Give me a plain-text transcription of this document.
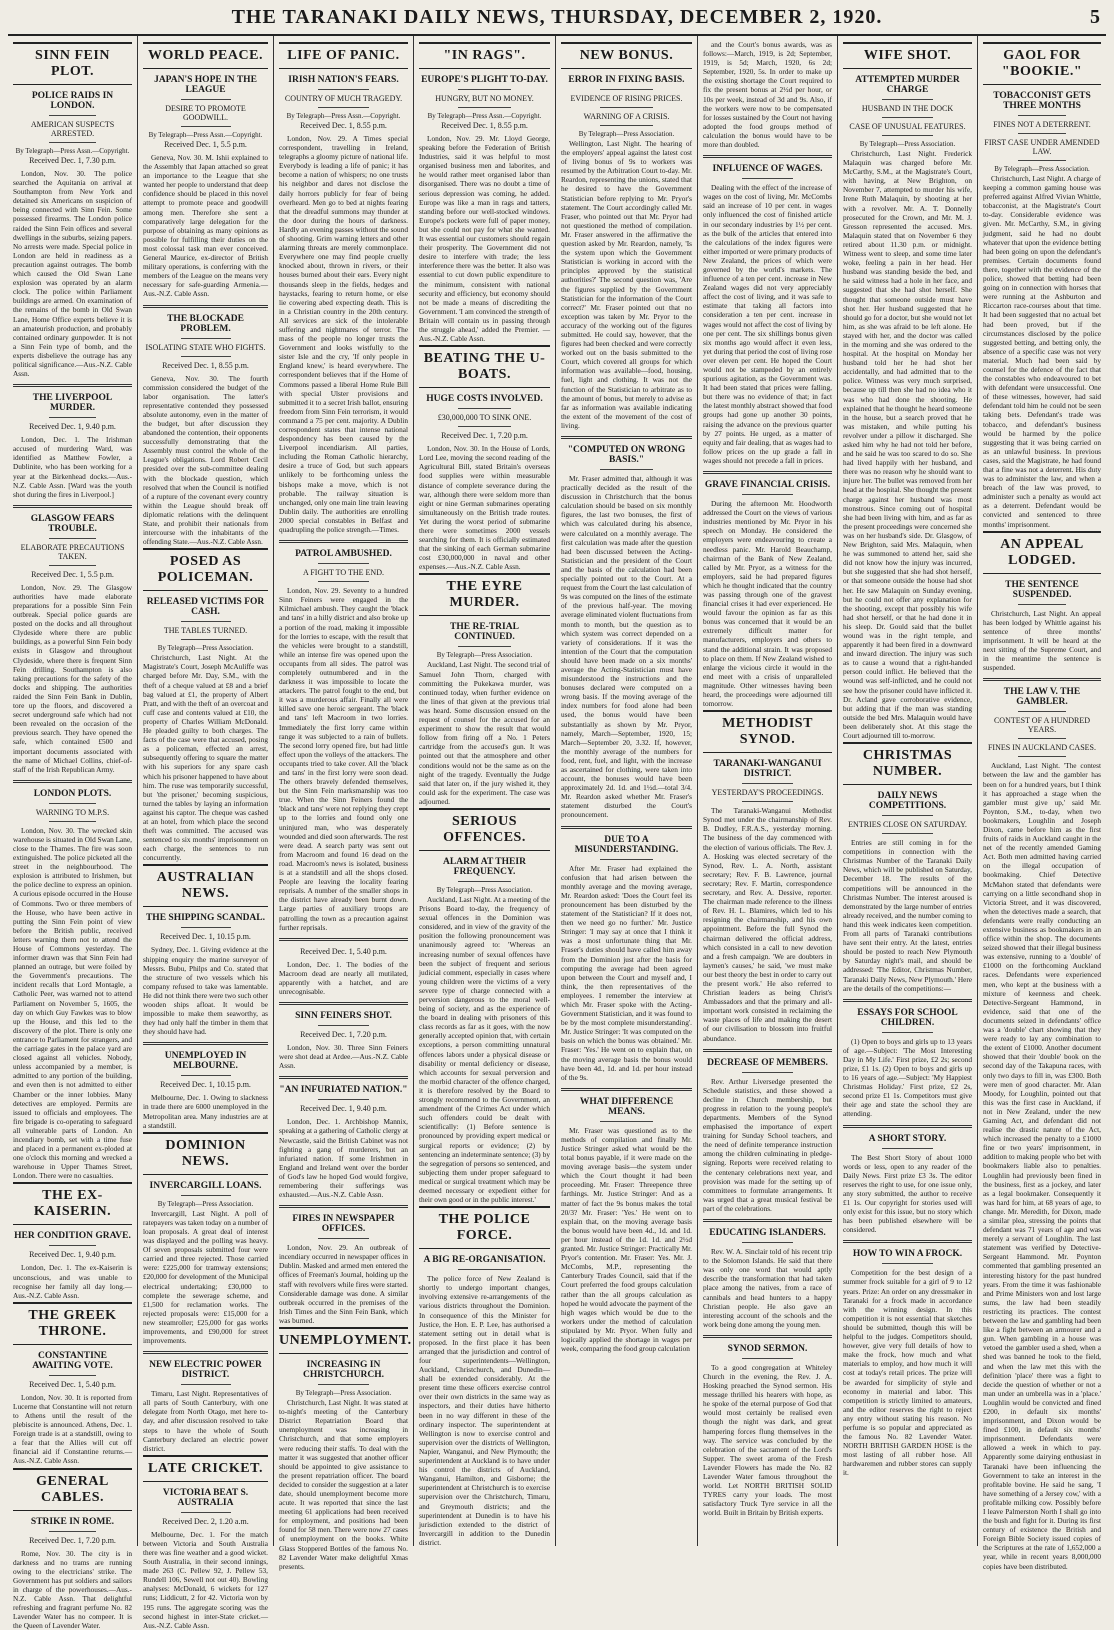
THE TARANAKI DAILY NEWS, THURSDAY, DECEMBER 2, 1920.	5
SINN FEIN PLOT.
POLICE RAIDS IN LONDON.
AMERICAN SUSPECTS ARRESTED.
By Telegraph—Press Assn.—Copyright.
Received Dec. 1, 7.30 p.m.

London, Nov. 30. The police searched the Aquitania on arrival at Southampton from New York and detained six Americans on suspicion of being connected with Sinn Fein. Some possessed firearms. The London police raided the Sinn Fein offices and several dwellings in the suburbs, seizing papers. No arrests were made. Special police in London are held in readiness as a precaution against outrages. The bomb which caused the Old Swan Lane explosion was operated by an alarm clock. The police within Parliament buildings are armed. On examination of the remains of the bomb in Old Swan Lane, Home Office experts believe it is an amateurish production, and probably contained ordinary gunpowder. It is not a Sinn Fein type of bomb, and the experts disbelieve the outrage has any political significance.—Aus.-N.Z. Cable Assn.

THE LIVERPOOL MURDER.
Received Dec. 1, 9.40 p.m.

London, Dec. 1. The Irishman accused of murdering Ward, was identified as Matthew Fowler, a Dublinite, who has been working for a year at the Birkenhead docks.—Aus.-N.Z. Cable Assn. [Ward was the youth shot during the fires in Liverpool.]

GLASGOW FEARS TROUBLE.
ELABORATE PRECAUTIONS TAKEN.
Received Dec. 1, 5.5 p.m.

London, Nov. 29. The Glasgow authorities have made elaborate preparations for a possible Sinn Fein outbreak. Special police guards are posted on the docks and all throughout Clydeside where there are public buildings, as a powerful Sinn Fein body exists in Glasgow and throughout Clydeside, where there is frequent Sinn Fein drilling. Southampton is also taking precautions for the safety of the docks and shipping. The authorities raided the Sinn Fein Bank in Dublin, tore up the floors, and discovered a secret underground safe which had not been revealed on the occasion of the previous search. They have opened the safe, which contained £500 and important documents associated with the name of Michael Collins, chief-of-staff of the Irish Republican Army.

LONDON PLOTS.
WARNING TO M.P.S.

London, Nov. 30. The wrecked skin warehouse is situated in Old Swan Lane, close to the Thames. The fire was soon extinguished. The police picketed all the street in the neighbourhood. The explosion is attributed to Irishmen, but the police decline to express an opinion. A curious episode occurred in the House of Commons. Two or three members of the House, who have been active in putting the Sinn Fein point of view before the British public, received letters warning them not to attend the House of Commons yesterday. The informer drawn was that Sinn Fein had planned an outrage, but were foiled by the Government's precautions. The incident recalls that Lord Montagle, a Catholic Peer, was warned not to attend Parliament on November 5, 1605, the day on which Guy Fawkes was to blow up the House, and this led to the discovery of the plot. There is only one entrance to Parliament for strangers, and the carriage gates in the palace yard are closed against all vehicles. Nobody, unless accompanied by a member, is admitted to any portion of the building, and even then is not admitted to either Chamber or the inner lobbies. Many detectives are employed. Permits are issued to officials and employees. The fire brigade is co-operating to safeguard all vulnerable parts of London. An incendiary bomb, set with a time fuse and placed in a permanent ex-ploded at one o'clock this morning and wrecked a warehouse in Upper Thames Street, London. There were no casualties.

THE EX-KAISERIN.
HER CONDITION GRAVE.
Received Dec. 1, 9.40 p.m.

London, Dec. 1. The ex-Kaiserin is unconscious, and was unable to recognise her family all day long.—Aus.-N.Z. Cable Assn.

THE GREEK THRONE.
CONSTANTINE AWAITING VOTE.
Received Dec. 1, 5.40 p.m.

London, Nov. 30. It is reported from Lucerne that Constantine will not return to Athens until the result of the plebiscite is announced. Athens, Dec. 1. Foreign trade is at a standstill, owing to a fear that the Allies will cut off financial aid if Constantine returns.—Aus.-N.Z. Cable Assn.

GENERAL CABLES.
STRIKE IN ROME.
Received Dec. 1, 7.20 p.m.

Rome, Nov. 30. The city is in darkness and no trams are running owing to the electricians' strike. The Government has put soldiers and sailors in charge of the powerhouses.—Aus.-N.Z. Cable Assn. That delightful refreshing and fragrant perfume No. 82 Lavender Water has no compeer. It is the Queen of Lavender Water.

WORLD PEACE.
JAPAN'S HOPE IN THE LEAGUE
DESIRE TO PROMOTE GOODWILL.
By Telegraph—Press Assn.—Copyright.
Received Dec. 1, 5.5 p.m.

Geneva, Nov. 30. M. Ishii explained to the Assembly that Japan attached so great an importance to the League that she wanted her people to understand that deep confidence should be placed in this novel attempt to promote peace and goodwill among men. Therefore she sent a comparatively large delegation for the purpose of obtaining as many opinions as possible for fulfilling their duties on the most colossal task man ever conceived. General Maurice, ex-director of British military operations, is conferring with the members of the League on the means very necessary for safe-guarding Armenia.—Aus.-N.Z. Cable Assn.

THE BLOCKADE PROBLEM.
ISOLATING STATE WHO FIGHTS.
Received Dec. 1, 8.55 p.m.

Geneva, Nov. 30. The fourth commission considered the budget of the labor organisation. The latter's representative contended they possessed absolute autonomy, even in the matter of the budget, but after discussion they abandoned the contention, their opponents successfully demonstrating that the Assembly must control the whole of the League's obligations. Lord Robert Cecil presided over the sub-committee dealing with the blockade question, which resolved that when the Council is notified of a rupture of the covenant every country within the League should break off diplomatic relations with the delinquent State, and prohibit their nationals from intercourse with the inhabitants of the offending State.—Aus.-N.Z. Cable Assn.

POSED AS POLICEMAN.
RELEASED VICTIMS FOR CASH.
THE TABLES TURNED.
By Telegraph—Press Association.

Christchurch, Last Night. At the Magistrate's Court, Joseph McAuliffe was charged before Mr. Day, S.M., with the theft of a cheque valued at £8 and a brief bag valued at £1, the property of Albert Pratt, and with the theft of an overcoat and cuff case and contents valued at £10, the property of Charles William McDonald. He pleaded guilty to both charges. The facts of the case were that accused, posing as a policeman, effected an arrest, subsequently offering to square the matter with his superiors for any spare cash which his prisoner happened to have about him. The ruse was temporarily successful, but 'the prisoner,' becoming suspicious, turned the tables by laying an information against his captor. The cheque was cashed at an hotel, from which place the second theft was committed. The accused was sentenced to six months' imprisonment on each charge, the sentences to run concurrently.

AUSTRALIAN NEWS.
THE SHIPPING SCANDAL.
Received Dec. 1, 10.15 p.m.

Sydney, Dec. 1. Giving evidence at the shipping enquiry the marine surveyor of Messrs. Bubu, Philps and Co. stated that the structure of two vessels which his company refused to take was lamentable. He did not think there were two such other wooden ships afloat. It would be impossible to make them seaworthy, as they had only half the timber in them that they should have had.

UNEMPLOYED IN MELBOURNE.
Received Dec. 1, 10.15 p.m.

Melbourne, Dec. 1. Owing to slackness in trade there are 6000 unemployed in the Metropolitan area. Many industries are at a standstill.

DOMINION NEWS.
INVERCARGILL LOANS.
By Telegraph—Press Association.

Invercargill, Last Night. A poll of ratepayers was taken today on a number of loan proposals. A great deal of interest was displayed and the polling was heavy. Of seven proposals submitted four were carried and three rejected. Those carried were: £225,000 for tramway extensions; £20,000 for development of the Municipal electrical undertaking; £30,000 to complete the sewerage scheme, and £1,500 for reclamation works. The rejected proposals were: £15,000 for a new steamroller; £25,000 for gas works improvements, and £90,000 for street improvements.

NEW ELECTRIC POWER DISTRICT.

Timaru, Last Night. Representatives of all parts of South Canterbury, with one delegate from North Otago, met here to-day, and after discussion resolved to take steps to have the whole of South Canterbury declared an electric power district.

LATE CRICKET.
VICTORIA BEAT S. AUSTRALIA
Received Dec. 2, 1.20 a.m.

Melbourne, Dec. 1. For the match between Victoria and South Australia there was fine weather and a good wicket. South Australia, in their second innings, made 263 (C. Pellew 92, J. Pellew 53, Rundell 106, Sewell not out 40). Bowling analyses: McDonald, 6 wickets for 127 runs; Liddicutt, 2 for 42. Victoria won by 195 runs. The aggregate scoring was the second highest in inter-State cricket.—Aus.-N.Z. Cable Assn.

LIFE OF PANIC.
IRISH NATION'S FEARS.
COUNTRY OF MUCH TRAGEDY.
By Telegraph—Press Assn.—Copyright.
Received Dec. 1, 8.55 p.m.

London, Nov. 29. A Times special correspondent, travelling in Ireland, telegraphs a gloomy picture of national life. Everybody is leading a life of panic; it has become a nation of whispers; no one trusts his neighbor and dares not disclose the daily horrors publicly for fear of being overheard. Men go to bed at nights fearing that the dreadful summons may thunder at the door during the hours of darkness. Hardly an evening passes without the sound of shooting. Grim warning letters and other alarming threats are merely commonplace. Everywhere one may find people cruelly knocked about, thrown in rivers, or their houses burned about their ears. Every night thousands sleep in the fields, hedges and haystacks, fearing to return home, or else lie cowering abed expecting death. This is in a Christian country in the 20th century. All services are sick of the intolerable suffering and nightmares of terror. The mass of the people no longer trusts the Government and looks wistfully to the sister Isle and the cry, 'If only people in England knew,' is heard everywhere. The correspondent believes that if the Home of Commons passed a liberal Home Rule Bill with special Ulster provisions and submitted it to a secret Irish ballot, ensuring freedom from Sinn Fein terrorism, it would command a 75 per cent. majority. A Dublin correspondent states that intense national despondency has been caused by the Liverpool incendiarism. All parties, including the Roman Catholic hierarchy, desire a truce of God, but such appears unlikely to be forthcoming unless the bishops make a move, which is not probable. The railway situation is unchanged, only one main line train leaving Dublin daily. The authorities are enrolling 2000 special constables in Belfast and quadrupling the police strength.—Times.

PATROL AMBUSHED.
A FIGHT TO THE END.

London, Nov. 29. Seventy to a hundred Sinn Feiners were engaged in the Kilmichael ambush. They caught the 'black and tans' in a hilly district and also broke up a portion of the road, making it impossible for the lorries to escape, with the result that the vehicles were brought to a standstill, while an intense fire was opened upon the occupants from all sides. The patrol was completely outnumbered and in the darkness it was impossible to locate the attackers. The patrol fought to the end, but it was a murderous affair. Finally all were killed save one heroic sergeant. The 'black and tans' left Macroom in two lorries. Immediately the first lorry came within range it was subjected to a rain of bullets. The second lorry opened fire, but had little effect upon the volleys of the attackers. The occupants tried to take cover. All the 'black and tans' in the first lorry were soon dead. The others bravely defended themselves, but the Sinn Fein marksmanship was too true. When the Sinn Feiners found the 'black and tans' were not replying they crept up to the lorries and found only one uninjured man, who was desperately wounded and died soon afterwards. The rest were dead. A search party was sent out from Macroom and found 16 dead on the road. Macroom's news is isolated, business is at a standstill and all the shops closed. People are leaving the locality fearing reprisals. A number of the smaller shops in the district have already been burnt down. Large parties of auxiliary troops are patrolling the town as a precaution against further reprisals.

Received Dec. 1, 5.40 p.m.

London, Dec. 1. The bodies of the Macroom dead are nearly all mutilated, apparently with a hatchet, and are unrecognisable.

SINN FEINERS SHOT.
Received Dec. 1, 7.20 p.m.

London, Nov. 30. Three Sinn Feiners were shot dead at Ardee.—Aus.-N.Z. Cable Assn.

"AN INFURIATED NATION."
Received Dec. 1, 9.40 p.m.

London, Dec. 1. Archbishop Mannix, speaking at a gathering of Catholic clergy at Newcastle, said the British Cabinet was not fighting a gang of murderers, but an infuriated nation. If some Irishmen in England and Ireland went over the border of God's law he hoped God would forgive, remembering their sufferings was exhausted.—Aus.-N.Z. Cable Assn.

FIRES IN NEWSPAPER OFFICES.

London, Nov. 29. An outbreak of incendiary occurred in newspaper offices in Dublin. Masked and armed men entered the offices of Freeman's Journal, holding up the staff with revolvers while fires were started. Considerable damage was done. A similar outbreak occurred in the premises of the Irish Times and the Sinn Fein Bank, which was burned.

UNEMPLOYMENT.
INCREASING IN CHRISTCHURCH.
By Telegraph—Press Association.

Christchurch, Last Night. It was stated at to-night's meeting of the Canterbury District Repatriation Board that unemployment was increasing in Christchurch, and that some employers were reducing their staffs. To deal with the matter it was suggested that another officer should be appointed to give assistance to the present repatriation officer. The board decided to consider the suggestion at a later date, should unemployment become more acute. It was reported that since the last meeting 61 applications had been received for employment, and positions had been found for 58 men. There were now 27 cases of unemployment on the books. White Glass Stoppered Bottles of the famous No. 82 Lavender Water make delightful Xmas presents.

"IN RAGS".
EUROPE'S PLIGHT TO-DAY.
HUNGRY, BUT NO MONEY.
By Telegraph—Press Assn.—Copyright.
Received Dec. 1, 8.55 p.m.

London, Nov. 29. Mr. Lloyd George, speaking before the Federation of British Industries, said it was helpful to most organised business men and laborites, and he would rather meet organised labor than disorganised. There was no doubt a time of serious depression was coming, he added. Europe was like a man in rags and tatters, standing before our well-stocked windows. Europe's pockets were full of paper money, but she could not pay for what she wanted. It was essential our customers should regain their prosperity. The Government did not desire to interfere with trade; the less interference there was the better. It also was essential to cut down public expenditure to the minimum, consistent with national security and efficiency, but economy should not be made a means of discrediting the Government. 'I am convinced the strength of Britain will contain us in passing through the struggle ahead,' added the Premier. —Aus.-N.Z. Cable Assn.

BEATING THE U-BOATS.
HUGE COSTS INVOLVED.
£30,000,000 TO SINK ONE.
Received Dec. 1, 7.20 p.m.

London, Nov. 30. In the House of Lords, Lord Lee, moving the second reading of the Agricultural Bill, stated Britain's overseas food supplies were within measurable distance of complete severance during the war, although there were seldom more than eight or nine German submarines operating simultaneously on the British trade routes. Yet during the worst period of submarine there were sometimes 2000 vessels searching for them. It is officially estimated that the sinking of each German submarine cost £30,000,000 in naval and other expenses.—Aus.-N.Z. Cable Assn.

THE EYRE MURDER.
THE RE-TRIAL CONTINUED.
By Telegraph—Press Association.

Auckland, Last Night. The second trial of Samuel John Thorn, charged with committing the Pukekawa murder, was continued today, when further evidence on the lines of that given at the previous trial was heard. Some discussion ensued on the request of counsel for the accused for an experiment to show the result that would follow from firing off a No. 1 Peters cartridge from the accused's gun. It was pointed out that the atmosphere and other conditions would not be the same as on the night of the tragedy. Eventually the Judge said that later on, if the jury wished it, they could ask for the experiment. The case was adjourned.

SERIOUS OFFENCES.
ALARM AT THEIR FREQUENCY.
By Telegraph—Press Association.

Auckland, Last Night. At a meeting of the Prisons Board to-day, the frequency of sexual offences in the Dominion was considered, and in view of the gravity of the position the following pronouncement was unanimously agreed to: 'Whereas an increasing number of sexual offences have been the subject of frequent and serious judicial comment, especially in cases where young children were the victims of a very severe type of charge connected with a perversion dangerous to the moral well-being of society, and as the experience of the board in dealing with prisoners of this class records as far as it goes, with the now generally accepted opinion that, with certain exceptions, a person committing unnatural offences labors under a physical disease or disability or mental deficiency or disease, which accounts for sexual perversion and the morbid character of the offence charged, it is therefore resolved by the Board to strongly recommend to the Government, an amendment of the Crimes Act under which such offenders could be dealt with scientifically: (1) Before sentence is pronounced by providing expert medical or surgical reports or evidence; (2) by sentencing an indeterminate sentence; (3) by the segregation of persons so sentenced, and subjecting them under proper safeguard to medical or surgical treatment which may be deemed necessary or expedient either for their own good or in the public interest.'

THE POLICE FORCE.
A BIG RE-ORGANISATION.

The police force of New Zealand is shortly to undergo important changes, involving extensive re-arrangements of the various districts throughout the Dominion. In consequence of this the Minister for Justice, the Hon. E. P. Lee, has authorised a statement setting out in detail what is proposed. In the first place it has been arranged that the jurisdiction and control of four superintendents—Wellington, Auckland, Christchurch, and Dunedin—shall be extended considerably. At the present time these officers exercise control over their own districts in the same way as inspectors, and their duties have hitherto been in no way different in these of the ordinary inspector. The superintendent at Wellington is now to exercise control and supervision over the districts of Wellington, Napier, Wanganui, and New Plymouth; the superintendent at Auckland is to have under his control the districts of Auckland, Wanganui, Hamilton, and Gisborne; the superintendent at Christchurch is to exercise supervision over the Christchurch, Timaru, and Greymouth districts; and the superintendent at Dunedin is to have his jurisdiction extended to the district of Invercargill in addition to the Dunedin district.

NEW BONUS.
ERROR IN FIXING BASIS.
EVIDENCE OF RISING PRICES.
WARNING OF A CRISIS.
By Telegraph—Press Association.

Wellington, Last Night. The hearing of the employers' appeal against the latest cost of living bonus of 9s to workers was resumed by the Arbitration Court to-day. Mr. Reardon, representing the unions, stated that he desired to have the Government Statistician before replying to Mr. Pryor's statement. The Court accordingly called Mr. Fraser, who pointed out that Mr. Pryor had not questioned the method of compilation. Mr. Fraser answered in the affirmative the question asked by Mr. Reardon, namely, 'Is the system upon which the Government Statistician is working in accord with the principles approved by the statistical authorities?' The second question was, 'Are the figures supplied by the Government Statistician for the information of the Court correct?' Mr. Fraser pointed out that no exception was taken by Mr. Pryor to the accuracy of the working out of the figures submitted. He could say, however, that the figures had been checked and were correctly worked out on the basis submitted to the Court, which covered all groups for which information was available—food, housing, fuel, light and clothing. It was not the function of the Statistician to arbitrate as to the amount of bonus, but merely to advise as far as information was available indicating the extent of the movement of the cost of living.

"COMPUTED ON WRONG BASIS."

Mr. Fraser admitted that, although it was practically decided as the result of the discussion in Christchurch that the bonus calculation should be based on six monthly figures, the last two bonuses, the first of which was calculated during his absence, were calculated on a monthly average. The first calculation was made after the question had been discussed between the Acting-Statistician and the president of the Court and the basis of the calculation had been specially pointed out to the Court. At a request from the Court the last calculation of 9s was computed on the lines of the estimate of the previous half-year. The moving average eliminated violent fluctuations from month to month, but the question as to which system was correct depended on a variety of considerations. If it was the intention of the Court that the computation should have been made on a six months' average the Acting-Statistician must have misunderstood the instructions and the bonuses declared were computed on a wrong basis. If the moving average of the index numbers for food alone had been used, the bonus would have been substantially as shown by Mr. Pryor, namely, March—September, 1920, 15; March—September 20, 3.32. If, however, the monthly average of the numbers for food, rent, fuel, and light, with the increase as ascertained for clothing, were taken into account, the bonuses would have been approximately 2d. 1d. and 1½d.—total 3/4. Mr. Reardon asked whether Mr. Fraser's statement disturbed the Court's pronouncement.

DUE TO A MISUNDERSTANDING.

After Mr. Fraser had explained the confusion that had arisen between the monthly average and the moving average, Mr. Reardon asked: 'Does the Court feel its pronouncement has been disturbed by the statement of the Statistician? If it does not, then we need go no further.' Mr. Justice Stringer: 'I may say at once that I think it was a most unfortunate thing that Mr. Fraser's duties should have called him away from the Dominion just after the basis for computing the average had been agreed upon between the Court and myself and, I think, the then representatives of the employees. I remember the interview at which Mr. Fraser spoke with the Acting-Government Statistician, and it was found to be by the most complete misunderstanding'. Mr. Justice Stringer: 'It was computed on the basis on which the bonus was obtained.' Mr. Fraser: 'Yes.' He went on to explain that, on the moving average basis the bonus would have been 4d., 1d. and 1d. per hour instead of the 9s.

WHAT DIFFERENCE MEANS.

Mr. Fraser was questioned as to the methods of compilation and finally Mr. Justice Stringer asked what would be the total bonus payable, if it were made on the moving average basis—the system under which the Court thought it had been proceeding. Mr. Fraser: Threepence three farthings. Mr. Justice Stringer: And as a matter of fact the 9s bonus makes the total 20/3? Mr. Fraser: 'Yes.' He went on to explain that, on the moving average basis the bonus would have been 4d., 1d. and 1d. per hour instead of the 1d. 1d. and 2½d granted. Mr. Justice Stringer: Practically Mr. Pryor's contention. Mr. Fraser: Yes. Mr. J. McCombs, M.P., representing the Canterbury Trades Council, said that if the Court preferred the food groups calculation rather than the all groups calculation as hoped he would advocate the payment of the high wages which would be due to the workers under the method of calculation stipulated by Mr. Pryor. When fully and logically applied the shortage in wages per week, comparing the food group calculation

and the Court's bonus awards, was as follows:—March, 1919, is 2d; September, 1919, is 5d; March, 1920, 6s 2d; September, 1920, 5s. In order to make up the existing shortage the Court required to fix the present bonus at 2½d per hour, or 10s per week, instead of 3d and 9s. Also, if the workers were now to be compensated for losses sustained by the Court not having adopted the food groups method of calculation the bonus would have to be more than doubled.

INFLUENCE OF WAGES.

Dealing with the effect of the increase of wages on the cost of living, Mr. McCombs said an increase of 10 per cent. in wages only influenced the cost of finished article in our secondary industries by 1½ per cent. as the bulk of the articles that entered into the calculations of the index figures were either imported or were primary products of New Zealand, the prices of which were governed by the world's markets. The influence of a ten per cent. increase in New Zealand wages did not very appreciably affect the cost of living, and it was safe to estimate that taking all factors into consideration a ten per cent. increase in wages would not affect the cost of living by one per cent. The six shillings bonus given six months ago would affect it even less, yet during that period the cost of living rose over eleven per cent. He hoped the Court would not be stampeded by an entirely spurious agitation, as the Government was. It had been stated that prices were falling, but there was no evidence of that; in fact the latest monthly abstract showed that food groups had gone up another 30 points, raising the advance on the previous quarter by 27 points. He urged, as a matter of equity and fair dealing, that as wages had to follow prices on the up grade a fall in wages should not precede a fall in prices.

GRAVE FINANCIAL CRISIS.

During the afternoon Mr. Hoodworth addressed the Court on the views of various industries mentioned by Mr. Pryor in his speech on Monday. He considered the employers were endeavouring to create a needless panic. Mr. Harold Beauchamp, chairman of the Bank of New Zealand, called by Mr. Pryor, as a witness for the employers, said he had prepared figures which he thought indicated that the country was passing through one of the gravest financial crises it had ever experienced. He would favour the opinion as far as this bonus was concerned that it would be an extremely difficult matter for manufacturers, employers and others to stand the additional strain. It was proposed to place on them. If New Zealand wished to enlarge the vicious circle it would in the end meet with a crisis of unparalleled magnitude. Other witnesses having been heard, the proceedings were adjourned till tomorrow.

METHODIST SYNOD.
TARANAKI-WANGANUI DISTRICT.
YESTERDAY'S PROCEEDINGS.

The Taranaki-Wanganui Methodist Synod met under the chairmanship of Rev. B. Dudley, F.R.A.S., yesterday morning. The business of the day commenced with the election of various officials. The Rev. J. A. Hosking was elected secretary of the Synod, Rev. L. A. North, assistant secretary; Rev. F. B. Lawrence, journal secretary; Rev. F. Martin, correspondence secretary, and Rev. A. Dessive, reporter. The chairman made reference to the illness of Rev. H. L. Blamires, which led to his resigning the chairmanship, and his own appointment. Before the full Synod the chairman delivered the official address, which consisted in a call to new devotion and a fresh campaign. 'We are doubters in laymen's causes,' he said, 'we must make our best theory the best in order to carry out the present work.' He also referred to Christian leaders as being Christ's Ambassadors and that the primary and all-important work consisted in reclaiming the waste places of life and making the desert of our civilisation to blossom into fruitful abundance.

DECREASE OF MEMBERS.

Rev. Arthur Liversedge presented the Schedule statistics, and these showed a decline in Church membership, but progress in relation to the young people's departments. Members of the Synod emphasised the importance of expert training for Sunday School teachers, and the need of definite temperance instruction among the children culminating in pledge-signing. Reports were received relating to the centenary celebrations next year, and provision was made for the setting up of committees to formulate arrangements. It was urged that a great musical festival be part of the celebrations.

EDUCATING ISLANDERS.

Rev. W. A. Sinclair told of his recent trip to the Solomon Islands. He said that there was only one word that would aptly describe the transformation that had taken place among the natives, from a race of cannibals and head hunters to a happy Christian people. He also gave an interesting account of the schools and the work being done among the young men.

SYNOD SERMON.

To a good congregation at Whiteley Church in the evening, the Rev. J. A. Hosking preached the Synod sermon. His message thrilled his hearers with hope, as he spoke of the eternal purpose of God that would most certainly be realised even though the night was dark, and great hampering forces flung themselves in the way. The service was concluded by the celebration of the sacrament of the Lord's Supper. The sweet aroma of the Fresh Lavender Flowers has made the No. 82 Lavender Water famous throughout the world. Let NORTH BRITISH SOLID TYRES carry your loads. The most satisfactory Truck Tyre service in all the world. Built in Britain by British experts.

WIFE SHOT.
ATTEMPTED MURDER CHARGE
HUSBAND IN THE DOCK
CASE OF UNUSUAL FEATURES.
By Telegraph—Press Association.

Christchurch, Last Night. Frederick Malaquin was charged before Mr. McCarthy, S.M., at the Magistrate's Court, with having, at New Brighton, on November 7, attempted to murder his wife, Irene Ruth Malaquin, by shooting at her with a revolver. Mr. A. T. Donnelly prosecuted for the Crown, and Mr. M. J. Gresson represented the accused. Mrs. Malaquin stated that on November 6 they retired about 11.30 p.m. or midnight. Witness went to sleep, and some time later woke, feeling a pain in her head. Her husband was standing beside the bed, and he said witness had a hole in her face, and suggested that she had shot herself. She thought that someone outside must have shot her. Her husband suggested that he should go for a doctor, but she would not let him, as she was afraid to be left alone. He stayed with her, and the doctor was called in the morning and she was ordered to the hospital. At the hospital on Monday her husband told her he had shot her accidentally, and had admitted that to the police. Witness was very much surprised, because up till then she had no idea who it was who had done the shooting. He explained that he thought he heard someone in the house, but a search proved that he was mistaken, and while putting his revolver under a pillow it discharged. She asked him why he had not told her before, and he said he was too scared to do so. She had lived happily with her husband, and there was no reason why he should want to injure her. The bullet was removed from her head at the hospital. She thought the present charge against her husband was most monstrous. Since coming out of hospital she had been living with him, and as far as the present proceedings were concerned she was on her husband's side. Dr. Glasgow, of New Brighton, said Mrs. Malaquin, when he was summoned to attend her, said she did not know how the injury was incurred, but she suggested that she had shot herself, or that someone outside the house had shot her. He saw Malaquin on Sunday evening, but he could not offer any explanation for the shooting, except that possibly his wife had shot herself, or that he had done it in his sleep. Dr. Gould said that the bullet wound was in the right temple, and apparently it had been fired in a downward and inward direction. The injury was such as to cause a wound that a right-handed person could inflict. He believed that the wound was self-inflicted, and he could not see how the prisoner could have inflicted it. Dr. Acland gave corroborative evidence, but adding that if the man was standing outside the bed Mrs. Malaquin would have been deliberately shot. At this stage the Court adjourned till to-morrow.

CHRISTMAS NUMBER.
DAILY NEWS COMPETITIONS.
ENTRIES CLOSE ON SATURDAY.

Entries are still coming in for the competitions in connection with the Christmas Number of the Taranaki Daily News, which will be published on Saturday, December 18. The results of the competitions will be announced in the Christmas Number. The interest aroused is demonstrated by the large number of entries already received, and the number coming to hand this week indicates keen competition. From all parts of Taranaki contributions have sent their entry. At the latest, entries should be posted to reach New Plymouth by Saturday night's mail, and should be addressed: 'The Editor, Christmas Number, Taranaki Daily News, New Plymouth.' Here are the details of the competitions:—

ESSAYS FOR SCHOOL CHILDREN.

(1) Open to boys and girls up to 13 years of age.—Subject: 'The Most Interesting Day in My Life.' First prize, £2 2s; second prize, £1 1s. (2) Open to boys and girls up to 16 years of age.—Subject: 'My Happiest Christmas Holiday.' First prize, £2 2s, second prize £1 1s. Competitors must give their age and state the school they are attending.

A SHORT STORY.

The Best Short Story of about 1000 words or less, open to any reader of the Daily News. First prize £3 3s. The editor reserves the right to use, for one issue only, any story submitted, the author to receive £1 1s. Our copyright for stories used will only exist for this issue, but no story which has been published elsewhere will be considered.

HOW TO WIN A FROCK.

Competition for the best design of a summer frock suitable for a girl of 9 to 12 years. Prize: An order on any dressmaker in Taranaki for a frock made in accordance with the winning design. In this competition it is not essential that sketches should be submitted, though this will be helpful to the judges. Competitors should, however, give very full details of how to make the frock, how much and what materials to employ, and how much it will cost at today's retail prices. The prize will be awarded for simplicity of style and economy in material and labor. This competition is strictly limited to amateurs, and the editor reserves the right to reject any entry without stating his reason. No perfume is so popular and appreciated as the famous No. 82 Lavender Water. NORTH BRITISH GARDEN HOSE is the most lasting of all rubber hose. All hardwaremen and rubber stores can supply it.

GAOL FOR "BOOKIE."
TOBACCONIST GETS THREE MONTHS
FINES NOT A DETERRENT.
FIRST CASE UNDER AMENDED LAW.
By Telegraph—Press Association.

Christchurch, Last Night. A charge of keeping a common gaming house was preferred against Alfred Vivian Whittle, tobacconist, at the Magistrate's Court to-day. Considerable evidence was given. Mr. McCarthy, S.M., in giving judgment, said he had no doubt whatever that upon the evidence betting had been going on upon the defendant's premises. Certain documents found there, together with the evidence of the police, showed that betting had been going on in connection with horses that were running at the Ashburton and Riccarton race-courses about that time. It had been suggested that no actual bet had been proved, but if the circumstances disclosed by the police suggested betting, and betting only, the absence of a specific case was not very material. Much had been said by counsel for the defence of the fact that the constables who endeavoured to bet with defendant were unsuccessful. One of these witnesses, however, had said defendant told him he could not be seen taking bets. Defendant's trade was tobacco, and defendant's business would be harmed by the police suggesting that it was being carried on as an unlawful business. In previous cases, said the Magistrate, he had found that a fine was not a deterrent. His duty was to administer the law, and when a breach of the law was proved, to administer such a penalty as would act as a deterrent. Defendant would be convicted and sentenced to three months' imprisonment.

AN APPEAL LODGED.
THE SENTENCE SUSPENDED.

Christchurch, Last Night. An appeal has been lodged by Whittle against his sentence of three months' imprisonment. It will be heard at the next sitting of the Supreme Court, and in the meantime the sentence is suspended.

THE LAW V. THE GAMBLER.
CONTEST OF A HUNDRED YEARS.
FINES IN AUCKLAND CASES.

Auckland, Last Night. 'The contest between the law and the gambler has been on for a hundred years, but I think it has approached a stage when the gambler must give up,' said Mr. Poynton, S.M., to-day, when two bookmakers, Loughlin and Joseph Dixon, came before him as the first fruits of raids in Auckland caught in the net of the recently amended Gaming Act. Both men admitted having carried on the illegal occupation of bookmaking. Chief Detective McMahon stated that defendants were carrying on a little secondhand shop in Victoria Street, and it was discovered, when the detectives made a search, that defendants were really conducting an extensive business as bookmakers in an office within the shop. The documents seized showed that their illegal business was extensive, running to a 'double' of £1000 on the forthcoming Auckland races. Defendants were experienced men, who kept at the business with a mixture of keenness and cheek. Detective-Sergeant Hammond, in evidence, said that one of the documents seized in defendants' office was a 'double' chart showing that they were ready to lay any combination to the extent of £1000. Another document showed that their 'double' book on the second day of the Takapuna races, with only two days to fill in, was £300. Both were men of good character. Mr. Alan Moody, for Loughlin, pointed out that this was the first case in Auckland, if not in New Zealand, under the new Gaming Act, and defendant did not realise the drastic nature of the Act, which increased the penalty to a £1000 fine or two years' imprisonment, in addition to making people who bet with bookmakers liable also to penalties. Loughlin had previously been fined in the business, first as a jockey, and later as a legal bookmaker. Consequently it was hard for him, at 68 years of age, to change. Mr. Meredith, for Dixon, made a similar plea, stressing the points that defendant was 71 years of age and was merely a servant of Loughlin. The last statement was verified by Detective-Sergeant Hammond. Mr. Poynton commented that gambling presented an interesting history for the past hundred years. From the time it was fashionable and Prime Ministers won and lost large sums, the law had been steadily restricting its practices. The contest between the law and gambling had been like a fight between an armourer and a gun. When gambling in a house was vetoed the gambler used a shed, when a shed was banned he took to the field, and when the law met this with the definition 'place' there was a fight to decide the question of whether or not a man under an umbrella was in a 'place.' Loughlin would be convicted and fined £200, in default six months' imprisonment, and Dixon would be fined £100, in default six months' imprisonment. Defendants were allowed a week in which to pay. Apparently some dairying enthusiast in Taranaki have been influencing the Government to take an interest in the profitable bovine. He said he sang, 'I have something of a Jersey cow,' with a profitable milking cow. Possibly before I leave Palmerston North I shall go into the bush and fight for it. During its first century of existence the British and Foreign Bible Society issued copies of the Scriptures at the rate of 1,652,000 a year, while in recent years 8,000,000 copies have been distributed.
